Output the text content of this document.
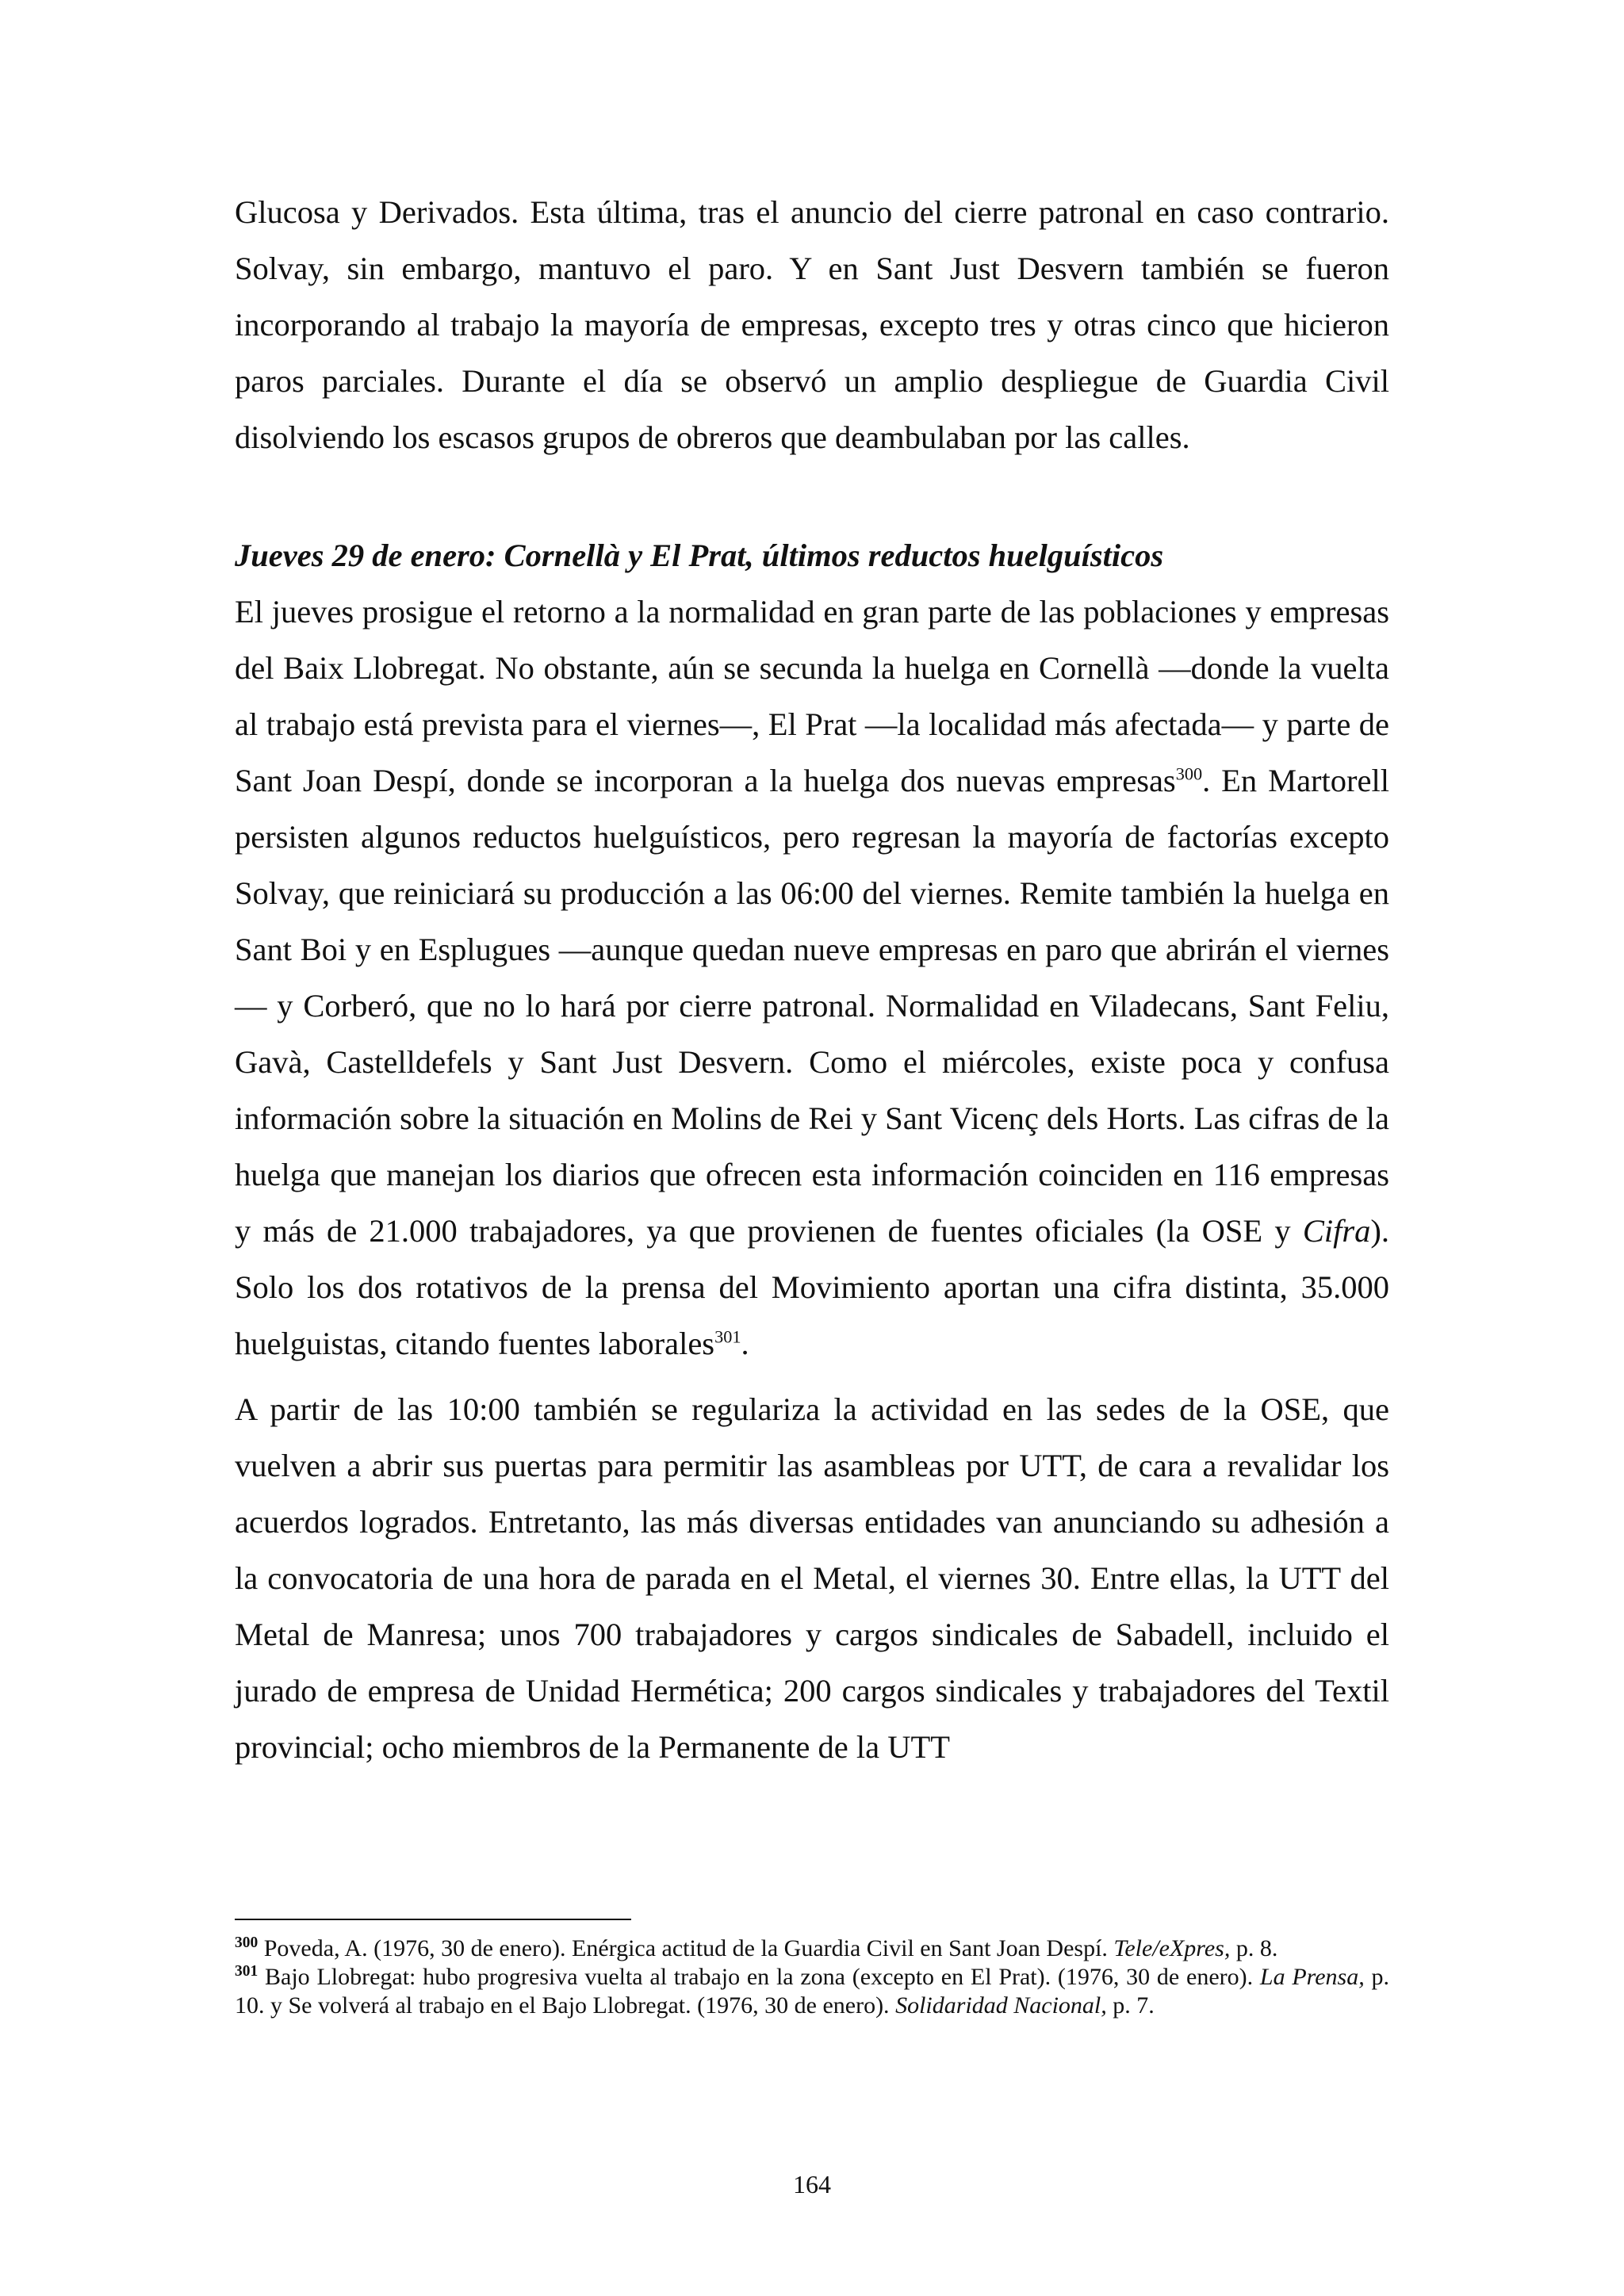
Glucosa y Derivados. Esta última, tras el anuncio del cierre patronal en caso contrario. Solvay, sin embargo, mantuvo el paro. Y en Sant Just Desvern también se fueron incorporando al trabajo la mayoría de empresas, excepto tres y otras cinco que hicieron paros parciales. Durante el día se observó un amplio despliegue de Guardia Civil disolviendo los escasos grupos de obreros que deambulaban por las calles.

Jueves 29 de enero: Cornellà y El Prat, últimos reductos huelguísticos

El jueves prosigue el retorno a la normalidad en gran parte de las poblaciones y empresas del Baix Llobregat. No obstante, aún se secunda la huelga en Cornellà —donde la vuelta al trabajo está prevista para el viernes—, El Prat —la localidad más afectada— y parte de Sant Joan Despí, donde se incorporan a la huelga dos nuevas empresas$^{300}$. En Martorell persisten algunos reductos huelguísticos, pero regresan la mayoría de factorías excepto Solvay, que reiniciará su producción a las 06:00 del viernes. Remite también la huelga en Sant Boi y en Esplugues —aunque quedan nueve empresas en paro que abrirán el viernes— y Corberó, que no lo hará por cierre patronal. Normalidad en Viladecans, Sant Feliu, Gavà, Castelldefels y Sant Just Desvern. Como el miércoles, existe poca y confusa información sobre la situación en Molins de Rei y Sant Vicenç dels Horts. Las cifras de la huelga que manejan los diarios que ofrecen esta información coinciden en 116 empresas y más de 21.000 trabajadores, ya que provienen de fuentes oficiales (la OSE y Cifra). Solo los dos rotativos de la prensa del Movimiento aportan una cifra distinta, 35.000 huelguistas, citando fuentes laborales$^{301}$.

A partir de las 10:00 también se regulariza la actividad en las sedes de la OSE, que vuelven a abrir sus puertas para permitir las asambleas por UTT, de cara a revalidar los acuerdos logrados. Entretanto, las más diversas entidades van anunciando su adhesión a la convocatoria de una hora de parada en el Metal, el viernes 30. Entre ellas, la UTT del Metal de Manresa; unos 700 trabajadores y cargos sindicales de Sabadell, incluido el jurado de empresa de Unidad Hermética; 200 cargos sindicales y trabajadores del Textil provincial; ocho miembros de la Permanente de la UTT

$^{300}$ Poveda, A. (1976, 30 de enero). Enérgica actitud de la Guardia Civil en Sant Joan Despí. Tele/eXpres, p. 8.

$^{301}$ Bajo Llobregat: hubo progresiva vuelta al trabajo en la zona (excepto en El Prat). (1976, 30 de enero). La Prensa, p. 10. y Se volverá al trabajo en el Bajo Llobregat. (1976, 30 de enero). Solidaridad Nacional, p. 7.

164
